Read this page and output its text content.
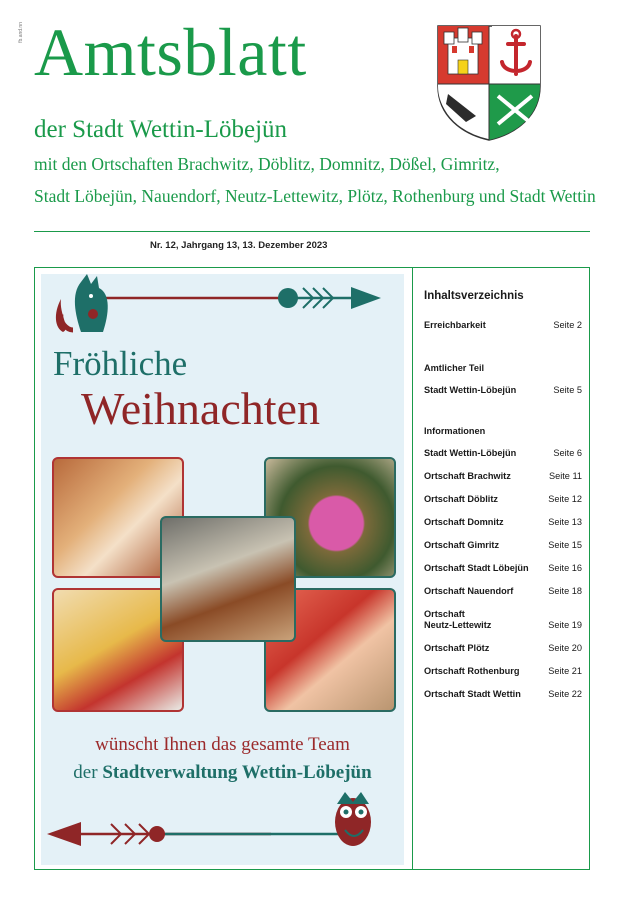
fb.and.nn Amtsblatt
der Stadt Wettin-Löbejün
mit den Ortschaften Brachwitz, Döblitz, Domnitz, Dößel, Gimritz,
Stadt Löbejün, Nauendorf, Neutz-Lettewitz, Plötz, Rothenburg und Stadt Wettin
Nr. 12, Jahrgang 13, 13. Dezember 2023
Fröhliche
Weihnachten
wünscht Ihnen das gesamte Team
der Stadtverwaltung Wettin-Löbejün
Inhaltsverzeichnis
Erreichbarkeit	Seite 2
Amtlicher Teil
Stadt Wettin-Löbejün	Seite 5
Informationen
Stadt Wettin-Löbejün	Seite 6
Ortschaft Brachwitz	Seite 11
Ortschaft Döblitz	Seite 12
Ortschaft Domnitz	Seite 13
Ortschaft Gimritz	Seite 15
Ortschaft Stadt Löbejün Seite 16
Ortschaft Nauendorf	Seite 18
Ortschaft
Neutz-Lettewitz	Seite 19
Ortschaft Plötz	Seite 20
Ortschaft Rothenburg	Seite 21
Ortschaft Stadt Wettin	Seite 22
